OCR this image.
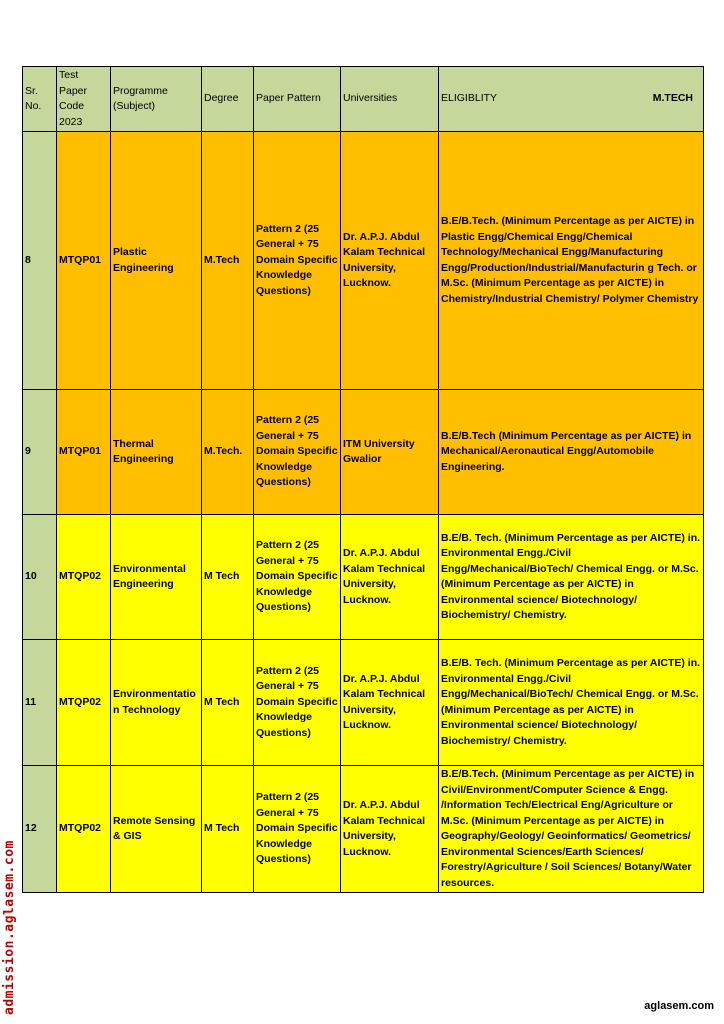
Sr. No.	Test Paper Code 2023	Programme (Subject)	Degree	Paper Pattern	Universities	ELIGIBLITY M.TECH

8	MTQP01	Plastic Engineering	M.Tech	Pattern 2 (25 General + 75 Domain Specific Knowledge Questions)	Dr. A.P.J. Abdul Kalam Technical University, Lucknow.	B.E/B.Tech. (Minimum Percentage as per AICTE) in Plastic Engg/Chemical Engg/Chemical Technology/Mechanical Engg/Manufacturing Engg/Production/Industrial/Manufacturin g Tech. or M.Sc. (Minimum Percentage as per AICTE) in Chemistry/Industrial Chemistry/ Polymer Chemistry
9	MTQP01	Thermal Engineering	M.Tech.	Pattern 2 (25 General + 75 Domain Specific Knowledge Questions)	ITM University Gwalior	B.E/B.Tech (Minimum Percentage as per AICTE) in Mechanical/Aeronautical Engg/Automobile Engineering.
10	MTQP02	Environmental Engineering	M Tech	Pattern 2 (25 General + 75 Domain Specific Knowledge Questions)	Dr. A.P.J. Abdul Kalam Technical University, Lucknow.	B.E/B. Tech. (Minimum Percentage as per AICTE) in. Environmental Engg./Civil Engg/Mechanical/BioTech/ Chemical Engg. or M.Sc. (Minimum Percentage as per AICTE) in Environmental science/ Biotechnology/ Biochemistry/ Chemistry.
11	MTQP02	Environmentatio n Technology	M Tech	Pattern 2 (25 General + 75 Domain Specific Knowledge Questions)	Dr. A.P.J. Abdul Kalam Technical University, Lucknow.	B.E/B. Tech. (Minimum Percentage as per AICTE) in. Environmental Engg./Civil Engg/Mechanical/BioTech/ Chemical Engg. or M.Sc. (Minimum Percentage as per AICTE) in Environmental science/ Biotechnology/ Biochemistry/ Chemistry.
12	MTQP02	Remote Sensing & GIS	M Tech	Pattern 2 (25 General + 75 Domain Specific Knowledge Questions)	Dr. A.P.J. Abdul Kalam Technical University, Lucknow.	B.E/B.Tech. (Minimum Percentage as per AICTE) in Civil/Environment/Computer Science & Engg. /Information Tech/Electrical Eng/Agriculture or M.Sc. (Minimum Percentage as per AICTE) in Geography/Geology/ Geoinformatics/ Geometrics/ Environmental Sciences/Earth Sciences/ Forestry/Agriculture / Soil Sciences/ Botany/Water resources.
admission.aglasem.com	aglasem.com
